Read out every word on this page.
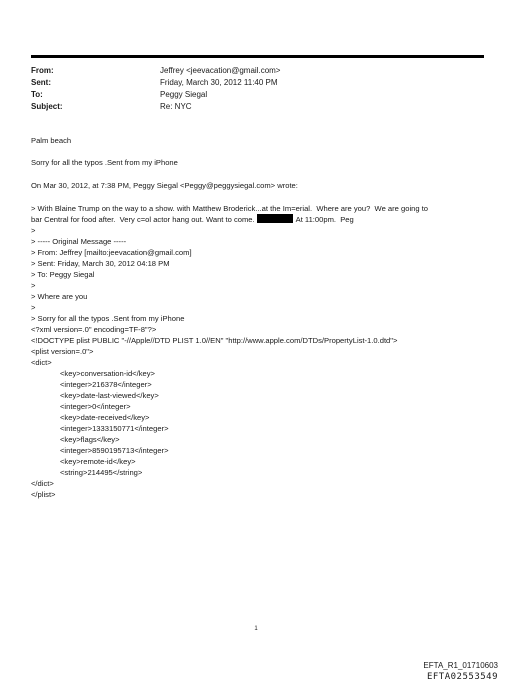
From:	Jeffrey <jeevacation@gmail.com>
Sent:	Friday, March 30, 2012 11:40 PM
To:	Peggy Siegal
Subject:	Re: NYC
Palm beach
Sorry for all the typos .Sent from my iPhone
On Mar 30, 2012, at 7:38 PM, Peggy Siegal <Peggy@peggysiegal.com> wrote:
> With Blaine Trump on the way to a show. with Matthew Broderick...at the Im=erial.  Where are you?  We are going to
bar Central for food after.  Very c=ol actor hang out. Want to come.	At 11:00pm.  Peg
>
> ----- Original Message -----
> From: Jeffrey [mailto:jeevacation@gmail.com]
> Sent: Friday, March 30, 2012 04:18 PM
> To: Peggy Siegal
>
> Where are you
>
> Sorry for all the typos .Sent from my iPhone
<?xml version=.0" encoding=TF-8"?>
<!DOCTYPE plist PUBLIC "-//Apple//DTD PLIST 1.0//EN" "http://www.apple.com/DTDs/PropertyList-1.0.dtd">
<plist version=.0">
<dict>
<key>conversation-id</key>
<integer>216378</integer>
<key>date-last-viewed</key>
<integer>0</integer>
<key>date-received</key>
<integer>1333150771</integer>
<key>flags</key>
<integer>8590195713</integer>
<key>remote-id</key>
<string>214495</string>
</dict>
</plist>
1
EFTA_R1_01710603
EFTA02553549
